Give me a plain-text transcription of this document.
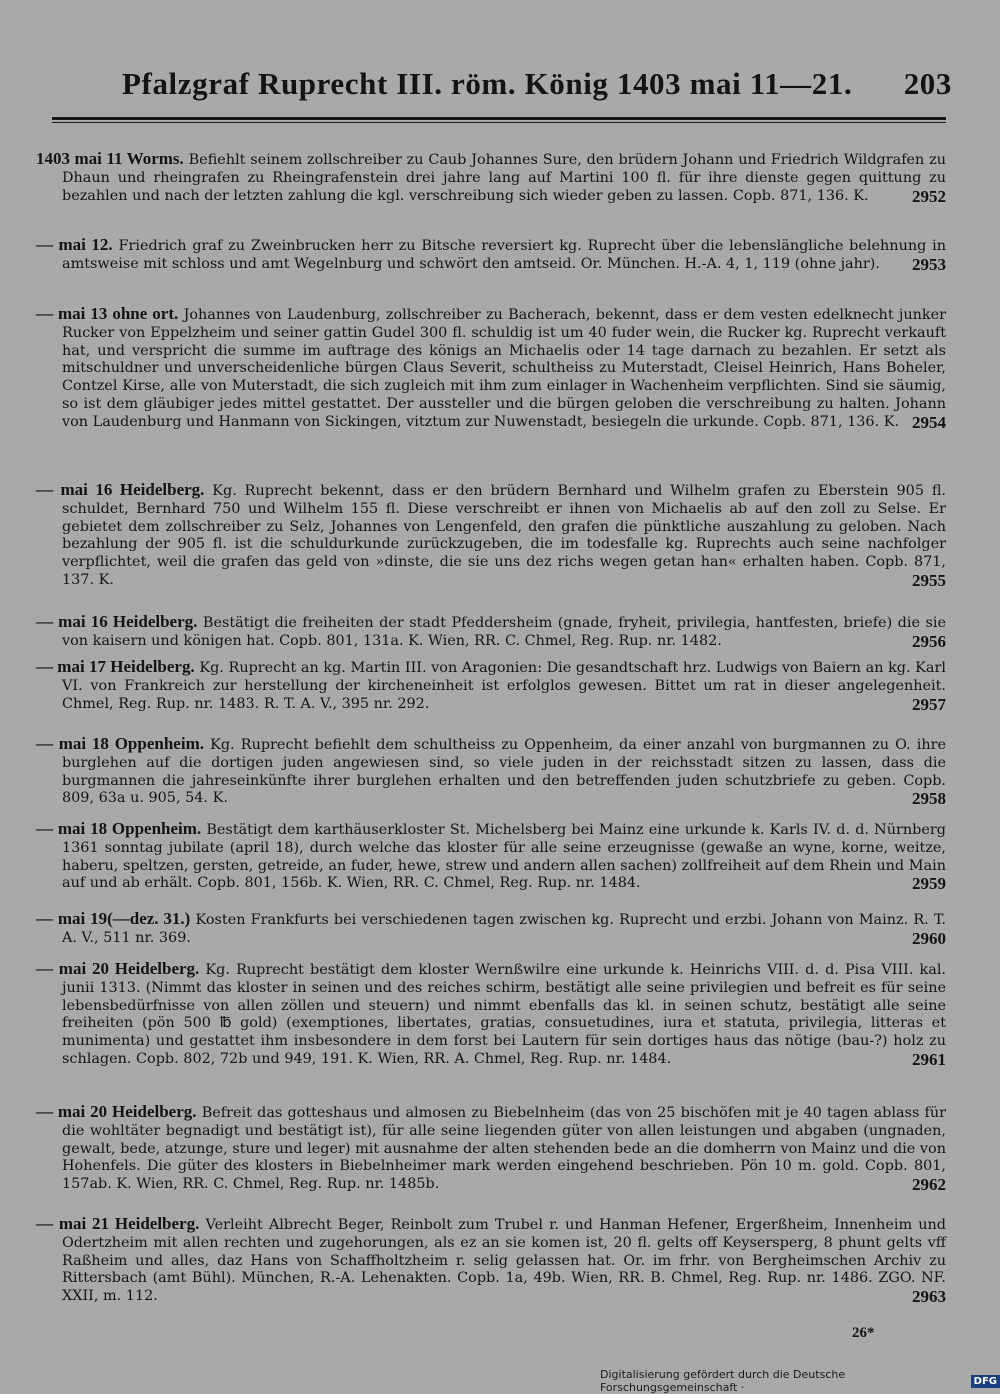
Pfalzgraf Ruprecht III. röm. König 1403 mai 11—21. 203

1403 mai 11 Worms. Befiehlt seinem zollschreiber zu Caub Johannes Sure, den brüdern Johann und Friedrich Wildgrafen zu Dhaun und rheingrafen zu Rheingrafenstein drei jahre lang auf Martini 100 fl. für ihre dienste gegen quittung zu bezahlen und nach der letzten zahlung die kgl. verschreibung sich wieder geben zu lassen. Copb. 871, 136. K.	2952

— mai 12. Friedrich graf zu Zweinbrucken herr zu Bitsche reversiert kg. Ruprecht über die lebenslängliche belehnung in amtsweise mit schloss und amt Wegelnburg und schwört den amtseid. Or. München. H.-A. 4, 1, 119 (ohne jahr). 2953

— mai 13 ohne ort. Johannes von Laudenburg, zollschreiber zu Bacherach, bekennt, dass er dem vesten edelknecht junker Rucker von Eppelzheim und seiner gattin Gudel 300 fl. schuldig ist um 40 fuder wein, die Rucker kg. Ruprecht verkauft hat, und verspricht die summe im auftrage des königs an Michaelis oder 14 tage darnach zu bezahlen. Er setzt als mitschuldner und unverscheidenliche bürgen Claus Severit, schultheiss zu Muterstadt, Cleisel Heinrich, Hans Boheler, Contzel Kirse, alle von Muterstadt, die sich zugleich mit ihm zum einlager in Wachenheim verpflichten. Sind sie säumig, so ist dem gläubiger jedes mittel gestattet. Der aussteller und die bürgen geloben die verschreibung zu halten. Johann von Laudenburg und Hanmann von Sickingen, vitztum zur Nuwenstadt, besiegeln die urkunde. Copb. 871, 136. K. 2954

— mai 16 Heidelberg. Kg. Ruprecht bekennt, dass er den brüdern Bernhard und Wilhelm grafen zu Eberstein 905 fl. schuldet, Bernhard 750 und Wilhelm 155 fl. Diese verschreibt er ihnen von Michaelis ab auf den zoll zu Selse. Er gebietet dem zollschreiber zu Selz, Johannes von Lengenfeld, den grafen die pünktliche auszahlung zu geloben. Nach bezahlung der 905 fl. ist die schuldurkunde zurückzugeben, die im todesfalle kg. Ruprechts auch seine nachfolger verpflichtet, weil die grafen das geld von »dinste, die sie uns dez richs wegen getan han« erhalten haben. Copb. 871, 137. K.	2955

— mai 16 Heidelberg. Bestätigt die freiheiten der stadt Pfeddersheim (gnade, fryheit, privilegia, hantfesten, briefe) die sie von kaisern und königen hat. Copb. 801, 131a. K. Wien, RR. C. Chmel, Reg. Rup. nr. 1482.	2956

— mai 17 Heidelberg. Kg. Ruprecht an kg. Martin III. von Aragonien: Die gesandtschaft hrz. Ludwigs von Baiern an kg. Karl VI. von Frankreich zur herstellung der kircheneinheit ist erfolglos gewesen. Bittet um rat in dieser angelegenheit. Chmel, Reg. Rup. nr. 1483. R. T. A. V., 395 nr. 292.	2957

— mai 18 Oppenheim. Kg. Ruprecht befiehlt dem schultheiss zu Oppenheim, da einer anzahl von burgmannen zu O. ihre burglehen auf die dortigen juden angewiesen sind, so viele juden in der reichsstadt sitzen zu lassen, dass die burgmannen die jahreseinkünfte ihrer burglehen erhalten und den betreffenden juden schutzbriefe zu geben. Copb. 809, 63a u. 905, 54. K.	2958

— mai 18 Oppenheim. Bestätigt dem karthäuserkloster St. Michelsberg bei Mainz eine urkunde k. Karls IV. d. d. Nürnberg 1361 sonntag jubilate (april 18), durch welche das kloster für alle seine erzeugnisse (gewaße an wyne, korne, weitze, haberu, speltzen, gersten, getreide, an fuder, hewe, strew und andern allen sachen) zollfreiheit auf dem Rhein und Main auf und ab erhält. Copb. 801, 156b. K. Wien, RR. C. Chmel, Reg. Rup. nr. 1484.	2959

— mai 19(—dez. 31.) Kosten Frankfurts bei verschiedenen tagen zwischen kg. Ruprecht und erzbi. Johann von Mainz. R. T. A. V., 511 nr. 369.	2960

— mai 20 Heidelberg. Kg. Ruprecht bestätigt dem kloster Wernßwilre eine urkunde k. Heinrichs VIII. d. d. Pisa VIII. kal. junii 1313. (Nimmt das kloster in seinen und des reiches schirm, bestätigt alle seine privilegien und befreit es für seine lebensbedürfnisse von allen zöllen und steuern) und nimmt ebenfalls das kl. in seinen schutz, bestätigt alle seine freiheiten (pön 500 ℔ gold) (exemptiones, libertates, gratias, consuetudines, iura et statuta, privilegia, litteras et munimenta) und gestattet ihm insbesondere in dem forst bei Lautern für sein dortiges haus das nötige (bau-?) holz zu schlagen. Copb. 802, 72b und 949, 191. K. Wien, RR. A. Chmel, Reg. Rup. nr. 1484.	2961

— mai 20 Heidelberg. Befreit das gotteshaus und almosen zu Biebelnheim (das von 25 bischöfen mit je 40 tagen ablass für die wohltäter begnadigt und bestätigt ist), für alle seine liegenden güter von allen leistungen und abgaben (ungnaden, gewalt, bede, atzunge, sture und leger) mit ausnahme der alten stehenden bede an die domherrn von Mainz und die von Hohenfels. Die güter des klosters in Biebelnheimer mark werden eingehend beschrieben. Pön 10 m. gold. Copb. 801, 157ab. K. Wien, RR. C. Chmel, Reg. Rup. nr. 1485b.	2962

— mai 21 Heidelberg. Verleiht Albrecht Beger, Reinbolt zum Trubel r. und Hanman Hefener, Ergerßheim, Innenheim und Odertzheim mit allen rechten und zugehorungen, als ez an sie komen ist, 20 fl. gelts off Keysersperg, 8 phunt gelts vff Raßheim und alles, daz Hans von Schaffholtzheim r. selig gelassen hat. Or. im frhr. von Bergheimschen Archiv zu Rittersbach (amt Bühl). München, R.-A. Lehenakten. Copb. 1a, 49b. Wien, RR. B. Chmel, Reg. Rup. nr. 1486. ZGO. NF. XXII, m. 112.	2963

26*
Digitalisierung gefördert durch die Deutsche Forschungsgemeinschaft ·	DFG
